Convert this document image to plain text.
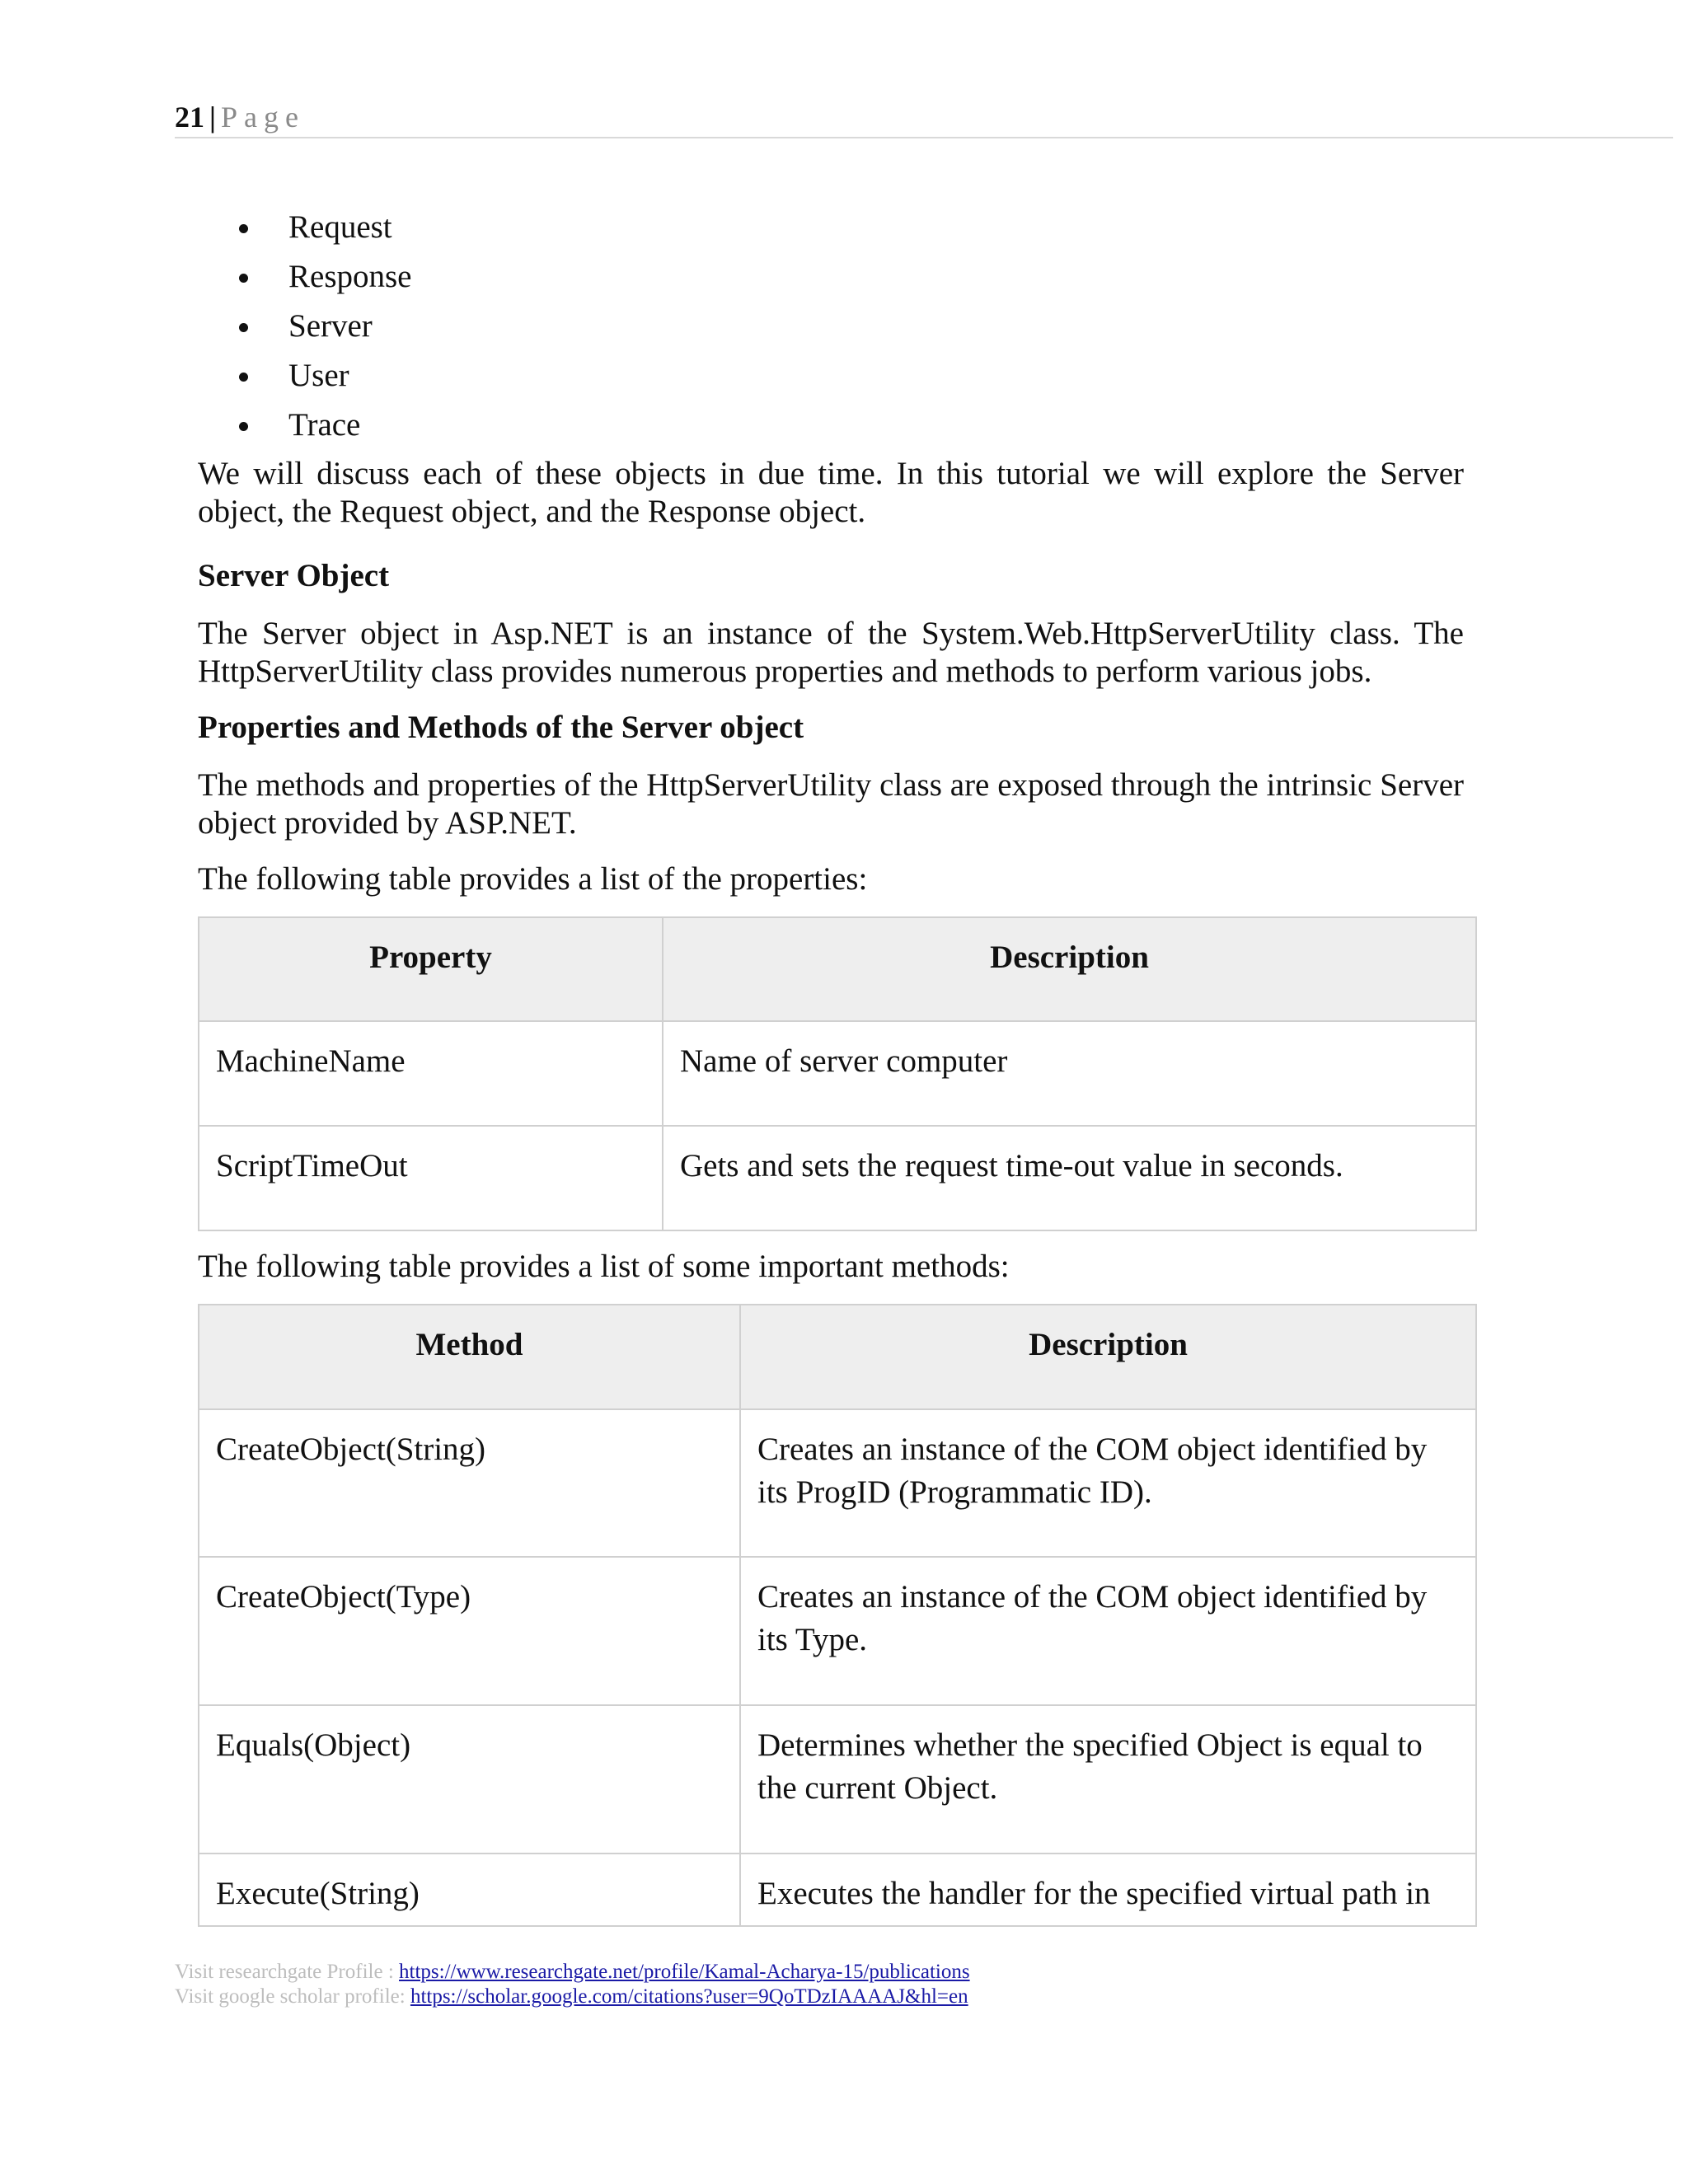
21 | Page
Request
Response
Server
User
Trace

We will discuss each of these objects in due time. In this tutorial we will explore the Server object, the Request object, and the Response object.

Server Object

The Server object in Asp.NET is an instance of the System.Web.HttpServerUtility class. The HttpServerUtility class provides numerous properties and methods to perform various jobs.

Properties and Methods of the Server object

The methods and properties of the HttpServerUtility class are exposed through the intrinsic Server object provided by ASP.NET.

The following table provides a list of the properties:

Property	Description
MachineName	Name of server computer
ScriptTimeOut	Gets and sets the request time-out value in seconds.

The following table provides a list of some important methods:

Method	Description
CreateObject(String)	Creates an instance of the COM object identified by its ProgID (Programmatic ID).
CreateObject(Type)	Creates an instance of the COM object identified by its Type.
Equals(Object)	Determines whether the specified Object is equal to the current Object.
Execute(String)	Executes the handler for the specified virtual path in
Visit researchgate Profile : https://www.researchgate.net/profile/Kamal-Acharya-15/publications
Visit google scholar profile: https://scholar.google.com/citations?user=9QoTDzIAAAAJ&hl=en
